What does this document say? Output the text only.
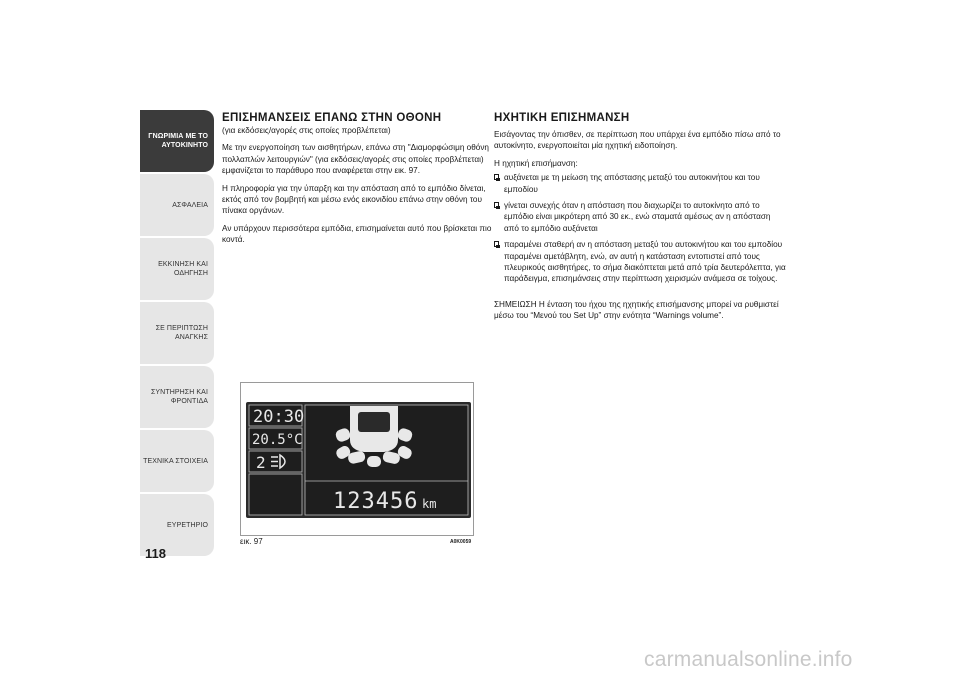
ΓΝΩΡΙΜΙΑ ΜΕ ΤΟ ΑΥΤΟΚΙΝΗΤΟ
ΑΣΦΑΛΕΙΑ
ΕΚΚΙΝΗΣΗ ΚΑΙ ΟΔΗΓΗΣΗ
ΣΕ ΠΕΡΙΠΤΩΣΗ ΑΝΑΓΚΗΣ
ΣΥΝΤΗΡΗΣΗ ΚΑΙ ΦΡΟΝΤΙΔΑ
ΤΕΧΝΙΚΑ ΣΤΟΙΧΕΙΑ
ΕΥΡΕΤΗΡΙΟ
118

ΕΠΙΣΗΜΑΝΣΕΙΣ ΕΠΑΝΩ ΣΤΗΝ ΟΘΟΝΗ

(για εκδόσεις/αγορές στις οποίες προβλέπεται)

Με την ενεργοποίηση των αισθητήρων, επάνω στη "Διαμορφώσιμη οθόνη πολλαπλών λειτουργιών" (για εκδόσεις/αγορές στις οποίες προβλέπεται) εμφανίζεται το παράθυρο που αναφέρεται στην εικ. 97.

Η πληροφορία για την ύπαρξη και την απόσταση από το εμπόδιο δίνεται, εκτός από τον βομβητή και μέσω ενός εικονιδίου επάνω στην οθόνη του πίνακα οργάνων.

Αν υπάρχουν περισσότερα εμπόδια, επισημαίνεται αυτό που βρίσκεται πιο κοντά.

ΗΧΗΤΙΚΗ ΕΠΙΣΗΜΑΝΣΗ

Εισάγοντας την όπισθεν, σε περίπτωση που υπάρχει ένα εμπόδιο πίσω από το αυτοκίνητο, ενεργοποιείται μία ηχητική ειδοποίηση.

Η ηχητική επισήμανση:

αυξάνεται με τη μείωση της απόστασης μεταξύ του αυτοκινήτου και του εμποδίου
γίνεται συνεχής όταν η απόσταση που διαχωρίζει το αυτοκίνητο από το εμπόδιο είναι μικρότερη από 30 εκ., ενώ σταματά αμέσως αν η απόσταση από το εμπόδιο αυξάνεται
παραμένει σταθερή αν η απόσταση μεταξύ του αυτοκινήτου και του εμποδίου παραμένει αμετάβλητη, ενώ, αν αυτή η κατάσταση εντοπιστεί από τους πλευρικούς αισθητήρες, το σήμα διακόπτεται μετά από τρία δευτερόλεπτα, για παράδειγμα, επισημάνσεις στην περίπτωση χειρισμών ανάμεσα σε τοίχους.

ΣΗΜΕΙΩΣΗ Η ένταση του ήχου της ηχητικής επισήμανσης μπορεί να ρυθμιστεί μέσω του “Μενού του Set Up” στην ενότητα “Warnings volume”.

20:30
20.5°C
2
123456 km
εικ. 97	A0K0059
carmanualsonline.info
